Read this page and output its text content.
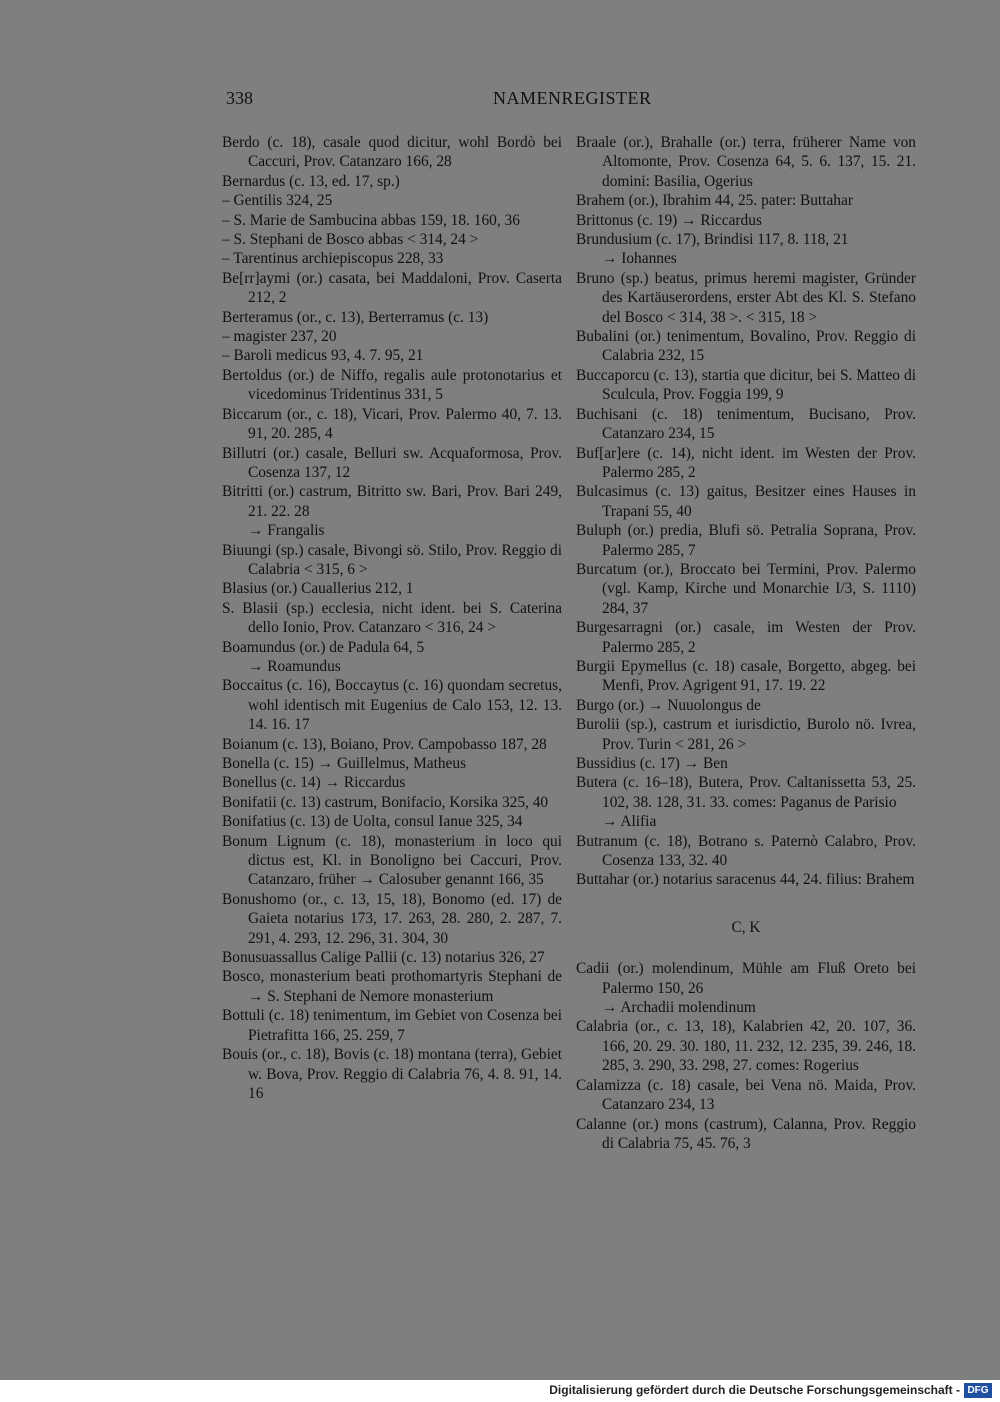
338	NAMENREGISTER
Berdo (c. 18), casale quod dicitur, wohl Bordò bei Caccuri, Prov. Catanzaro 166, 28
Bernardus (c. 13, ed. 17, sp.)
– Gentilis 324, 25
– S. Marie de Sambucina abbas 159, 18. 160, 36
– S. Stephani de Bosco abbas < 314, 24 >
– Tarentinus archiepiscopus 228, 33
Be[rr]aymi (or.) casata, bei Maddaloni, Prov. Caserta 212, 2
Berteramus (or., c. 13), Berterramus (c. 13)
– magister 237, 20
– Baroli medicus 93, 4. 7. 95, 21
Bertoldus (or.) de Niffo, regalis aule protonotarius et vicedominus Tridentinus 331, 5
Biccarum (or., c. 18), Vicari, Prov. Palermo 40, 7. 13. 91, 20. 285, 4
Billutri (or.) casale, Belluri sw. Acquaformosa, Prov. Cosenza 137, 12
Bitritti (or.) castrum, Bitritto sw. Bari, Prov. Bari 249, 21. 22. 28
→ Frangalis
Biuungi (sp.) casale, Bivongi sö. Stilo, Prov. Reggio di Calabria < 315, 6 >
Blasius (or.) Cauallerius 212, 1
S. Blasii (sp.) ecclesia, nicht ident. bei S. Caterina dello Ionio, Prov. Catanzaro < 316, 24 >
Boamundus (or.) de Padula 64, 5
→ Roamundus
Boccaitus (c. 16), Boccaytus (c. 16) quondam secretus, wohl identisch mit Eugenius de Calo 153, 12. 13. 14. 16. 17
Boianum (c. 13), Boiano, Prov. Campobasso 187, 28
Bonella (c. 15) → Guillelmus, Matheus
Bonellus (c. 14) → Riccardus
Bonifatii (c. 13) castrum, Bonifacio, Korsika 325, 40
Bonifatius (c. 13) de Uolta, consul Ianue 325, 34
Bonum Lignum (c. 18), monasterium in loco qui dictus est, Kl. in Bonoligno bei Caccuri, Prov. Catanzaro, früher → Calosuber genannt 166, 35
Bonushomo (or., c. 13, 15, 18), Bonomo (ed. 17) de Gaieta notarius 173, 17. 263, 28. 280, 2. 287, 7. 291, 4. 293, 12. 296, 31. 304, 30
Bonusuassallus Calige Pallii (c. 13) notarius 326, 27
Bosco, monasterium beati prothomartyris Stephani de → S. Stephani de Nemore monasterium
Bottuli (c. 18) tenimentum, im Gebiet von Cosenza bei Pietrafitta 166, 25. 259, 7
Bouis (or., c. 18), Bovis (c. 18) montana (terra), Gebiet w. Bova, Prov. Reggio di Calabria 76, 4. 8. 91, 14. 16
Braale (or.), Brahalle (or.) terra, früherer Name von Altomonte, Prov. Cosenza 64, 5. 6. 137, 15. 21. domini: Basilia, Ogerius
Brahem (or.), Ibrahim 44, 25. pater: Buttahar
Brittonus (c. 19) → Riccardus
Brundusium (c. 17), Brindisi 117, 8. 118, 21
→ Iohannes
Bruno (sp.) beatus, primus heremi magister, Gründer des Kartäuserordens, erster Abt des Kl. S. Stefano del Bosco < 314, 38 >. < 315, 18 >
Bubalini (or.) tenimentum, Bovalino, Prov. Reggio di Calabria 232, 15
Buccaporcu (c. 13), startia que dicitur, bei S. Matteo di Sculcula, Prov. Foggia 199, 9
Buchisani (c. 18) tenimentum, Bucisano, Prov. Catanzaro 234, 15
Buf[ar]ere (c. 14), nicht ident. im Westen der Prov. Palermo 285, 2
Bulcasimus (c. 13) gaitus, Besitzer eines Hauses in Trapani 55, 40
Buluph (or.) predia, Blufi sö. Petralia Soprana, Prov. Palermo 285, 7
Burcatum (or.), Broccato bei Termini, Prov. Palermo (vgl. Kamp, Kirche und Monarchie I/3, S. 1110) 284, 37
Burgesarragni (or.) casale, im Westen der Prov. Palermo 285, 2
Burgii Epymellus (c. 18) casale, Borgetto, abgeg. bei Menfi, Prov. Agrigent 91, 17. 19. 22
Burgo (or.) → Nuuolongus de
Burolii (sp.), castrum et iurisdictio, Burolo nö. Ivrea, Prov. Turin < 281, 26 >
Bussidius (c. 17) → Ben
Butera (c. 16–18), Butera, Prov. Caltanissetta 53, 25. 102, 38. 128, 31. 33. comes: Paganus de Parisio
→ Alifia
Butranum (c. 18), Botrano s. Paternò Calabro, Prov. Cosenza 133, 32. 40
Buttahar (or.) notarius saracenus 44, 24. filius: Brahem
C, K
Cadii (or.) molendinum, Mühle am Fluß Oreto bei Palermo 150, 26
→ Archadii molendinum
Calabria (or., c. 13, 18), Kalabrien 42, 20. 107, 36. 166, 20. 29. 30. 180, 11. 232, 12. 235, 39. 246, 18. 285, 3. 290, 33. 298, 27. comes: Rogerius
Calamizza (c. 18) casale, bei Vena nö. Maida, Prov. Catanzaro 234, 13
Calanne (or.) mons (castrum), Calanna, Prov. Reggio di Calabria 75, 45. 76, 3
Digitalisierung gefördert durch die Deutsche Forschungsgemeinschaft - DFG
